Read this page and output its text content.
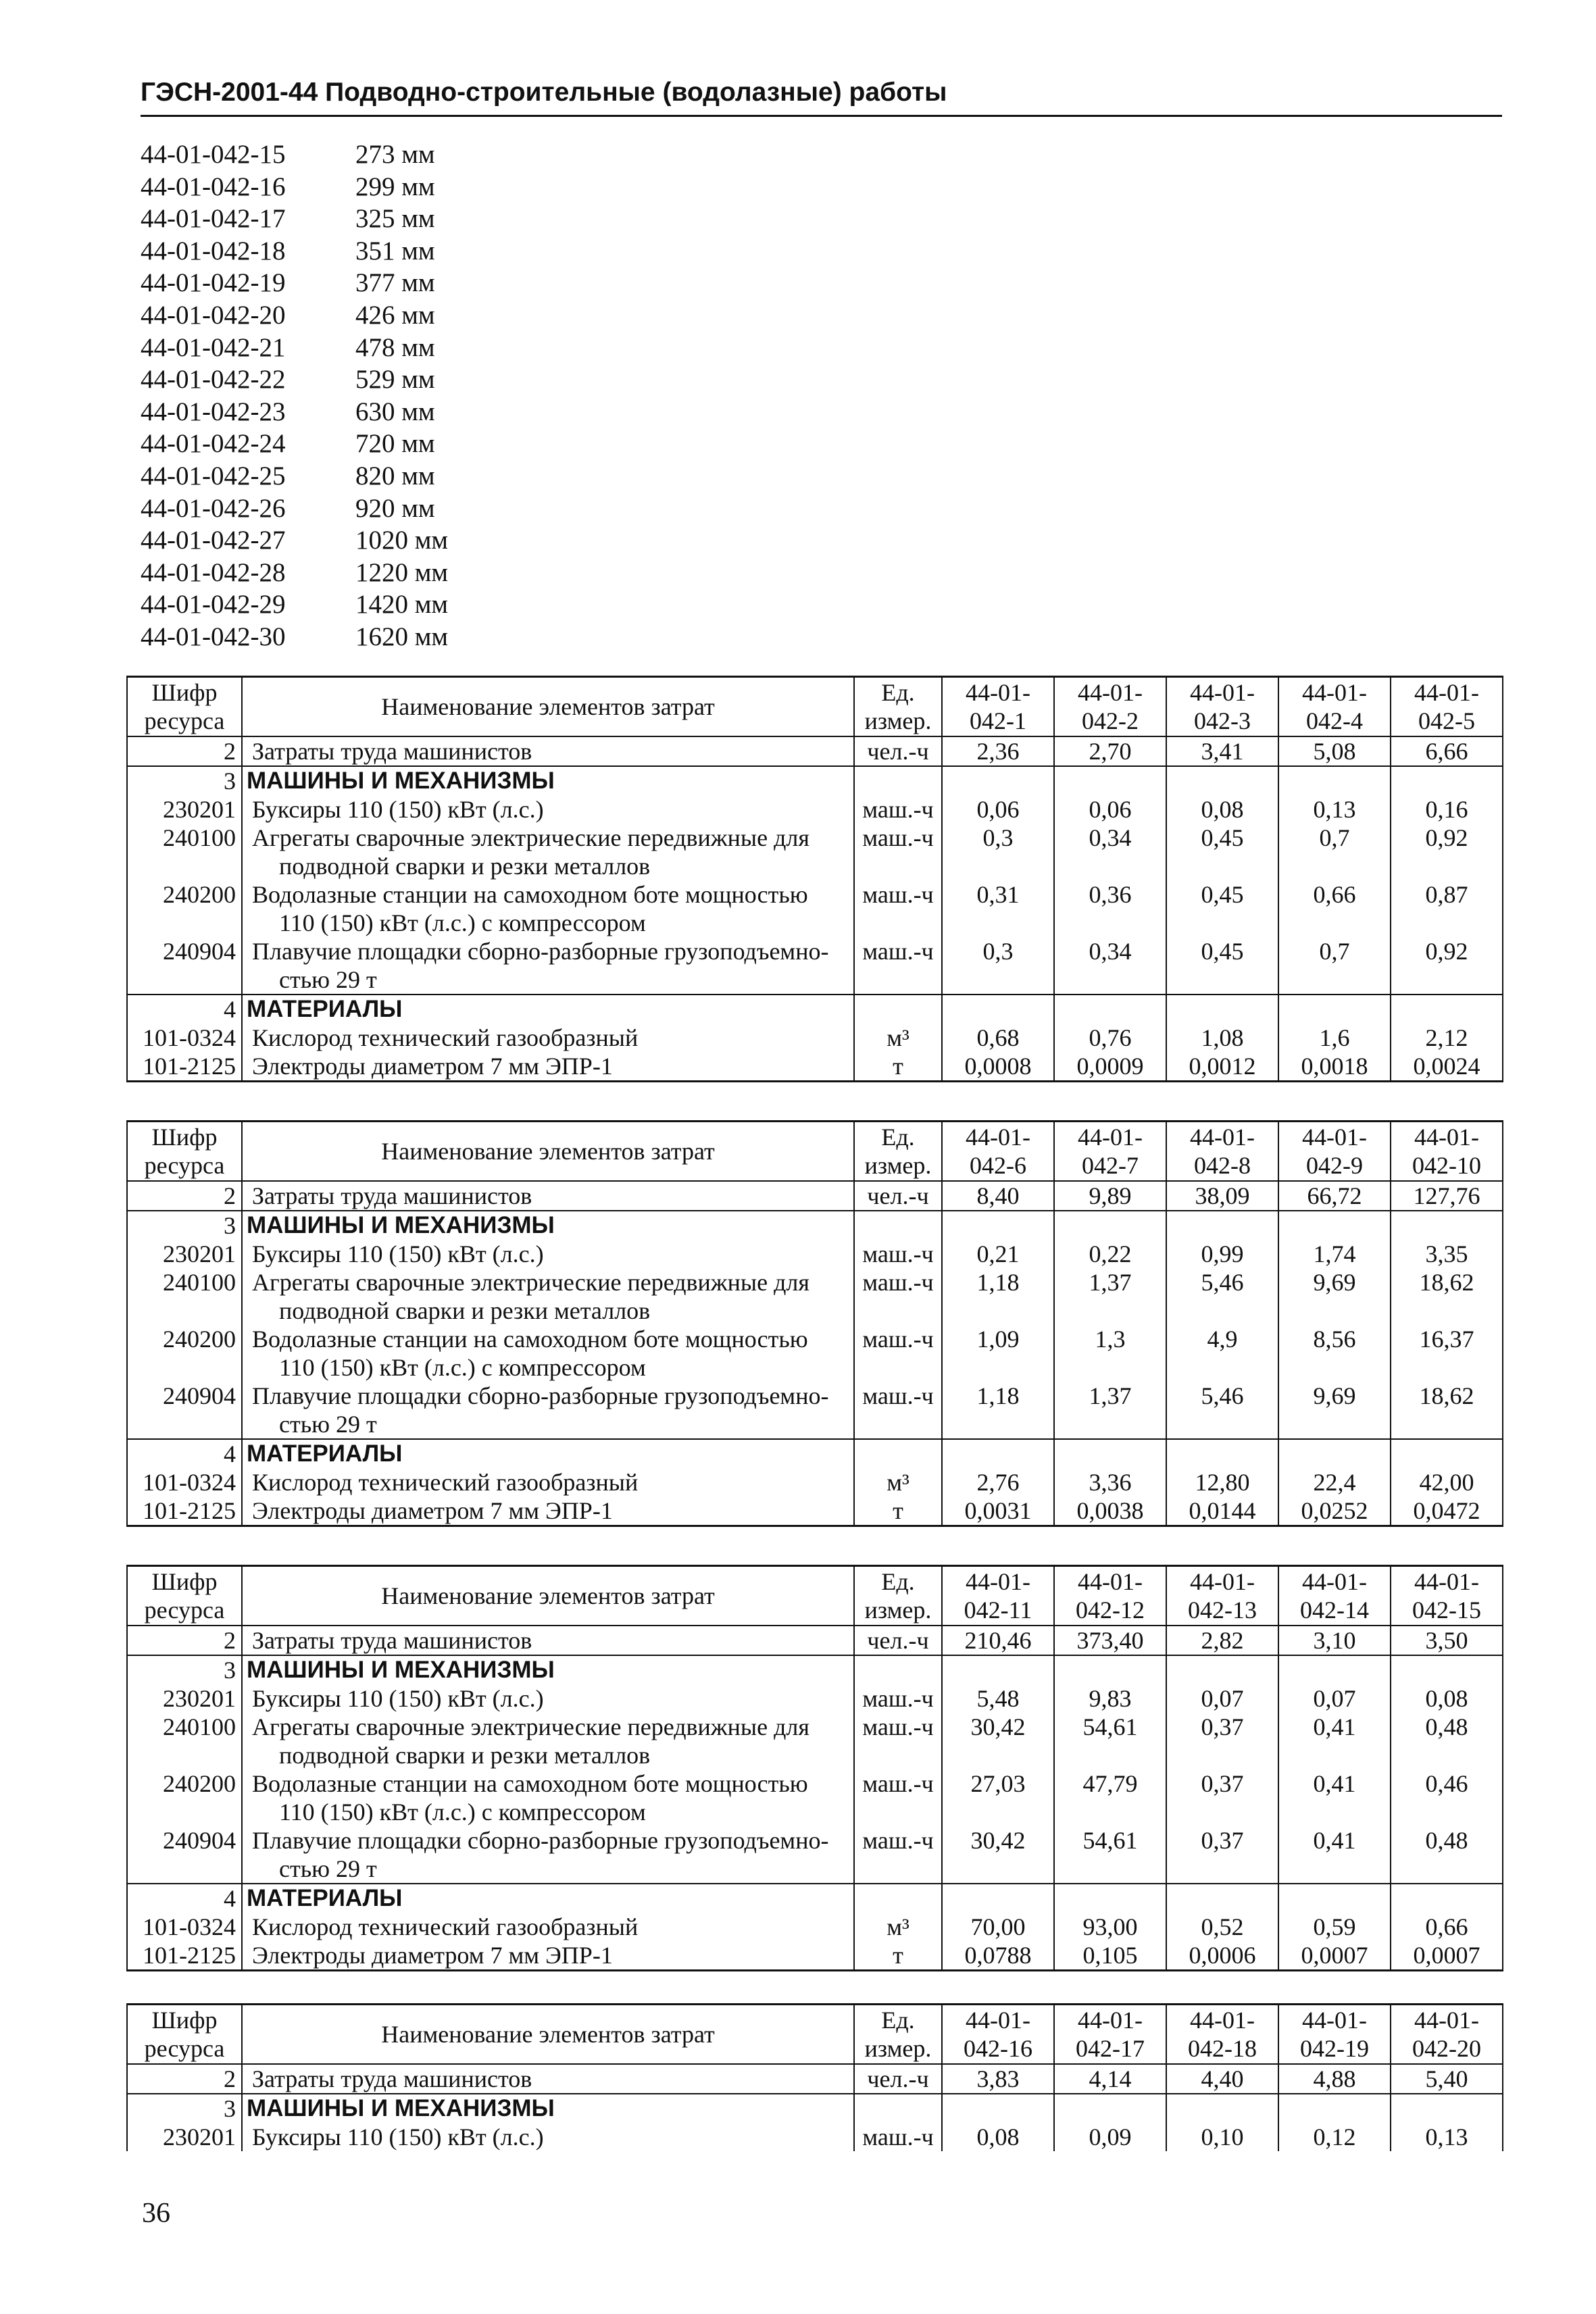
ГЭСН-2001-44 Подводно-строительные (водолазные) работы
44-01-042-15	273 мм
44-01-042-16	299 мм
44-01-042-17	325 мм
44-01-042-18	351 мм
44-01-042-19	377 мм
44-01-042-20	426 мм
44-01-042-21	478 мм
44-01-042-22	529 мм
44-01-042-23	630 мм
44-01-042-24	720 мм
44-01-042-25	820 мм
44-01-042-26	920 мм
44-01-042-27	1020 мм
44-01-042-28	1220 мм
44-01-042-29	1420 мм
44-01-042-30	1620 мм
Шифр ресурса	Наименование элементов затрат	Ед. измер.	44-01-042-1	44-01-042-2	44-01-042-3	44-01-042-4	44-01-042-5
2	Затраты труда машинистов	чел.-ч	2,36	2,70	3,41	5,08	6,66
3	МАШИНЫ И МЕХАНИЗМЫ						
230201	Буксиры 110 (150) кВт (л.с.)	маш.-ч	0,06	0,06	0,08	0,13	0,16
240100	Агрегаты сварочные электрические передвижные для
подводной сварки и резки металлов	маш.-ч	0,3	0,34	0,45	0,7	0,92
240200	Водолазные станции на самоходном боте мощностью
110 (150) кВт (л.с.) с компрессором	маш.-ч	0,31	0,36	0,45	0,66	0,87
240904	Плавучие площадки сборно-разборные грузоподъемно-
стью 29 т	маш.-ч	0,3	0,34	0,45	0,7	0,92
4	МАТЕРИАЛЫ						
101-0324	Кислород технический газообразный	м³	0,68	0,76	1,08	1,6	2,12
101-2125	Электроды диаметром 7 мм ЭПР-1	т	0,0008	0,0009	0,0012	0,0018	0,0024
Шифр ресурса	Наименование элементов затрат	Ед. измер.	44-01-042-6	44-01-042-7	44-01-042-8	44-01-042-9	44-01-042-10
2	Затраты труда машинистов	чел.-ч	8,40	9,89	38,09	66,72	127,76
3	МАШИНЫ И МЕХАНИЗМЫ						
230201	Буксиры 110 (150) кВт (л.с.)	маш.-ч	0,21	0,22	0,99	1,74	3,35
240100	Агрегаты сварочные электрические передвижные для
подводной сварки и резки металлов	маш.-ч	1,18	1,37	5,46	9,69	18,62
240200	Водолазные станции на самоходном боте мощностью
110 (150) кВт (л.с.) с компрессором	маш.-ч	1,09	1,3	4,9	8,56	16,37
240904	Плавучие площадки сборно-разборные грузоподъемно-
стью 29 т	маш.-ч	1,18	1,37	5,46	9,69	18,62
4	МАТЕРИАЛЫ						
101-0324	Кислород технический газообразный	м³	2,76	3,36	12,80	22,4	42,00
101-2125	Электроды диаметром 7 мм ЭПР-1	т	0,0031	0,0038	0,0144	0,0252	0,0472
Шифр ресурса	Наименование элементов затрат	Ед. измер.	44-01-042-11	44-01-042-12	44-01-042-13	44-01-042-14	44-01-042-15
2	Затраты труда машинистов	чел.-ч	210,46	373,40	2,82	3,10	3,50
3	МАШИНЫ И МЕХАНИЗМЫ						
230201	Буксиры 110 (150) кВт (л.с.)	маш.-ч	5,48	9,83	0,07	0,07	0,08
240100	Агрегаты сварочные электрические передвижные для
подводной сварки и резки металлов	маш.-ч	30,42	54,61	0,37	0,41	0,48
240200	Водолазные станции на самоходном боте мощностью
110 (150) кВт (л.с.) с компрессором	маш.-ч	27,03	47,79	0,37	0,41	0,46
240904	Плавучие площадки сборно-разборные грузоподъемно-
стью 29 т	маш.-ч	30,42	54,61	0,37	0,41	0,48
4	МАТЕРИАЛЫ						
101-0324	Кислород технический газообразный	м³	70,00	93,00	0,52	0,59	0,66
101-2125	Электроды диаметром 7 мм ЭПР-1	т	0,0788	0,105	0,0006	0,0007	0,0007
Шифр ресурса	Наименование элементов затрат	Ед. измер.	44-01-042-16	44-01-042-17	44-01-042-18	44-01-042-19	44-01-042-20
2	Затраты труда машинистов	чел.-ч	3,83	4,14	4,40	4,88	5,40
3	МАШИНЫ И МЕХАНИЗМЫ						
230201	Буксиры 110 (150) кВт (л.с.)	маш.-ч	0,08	0,09	0,10	0,12	0,13
36
